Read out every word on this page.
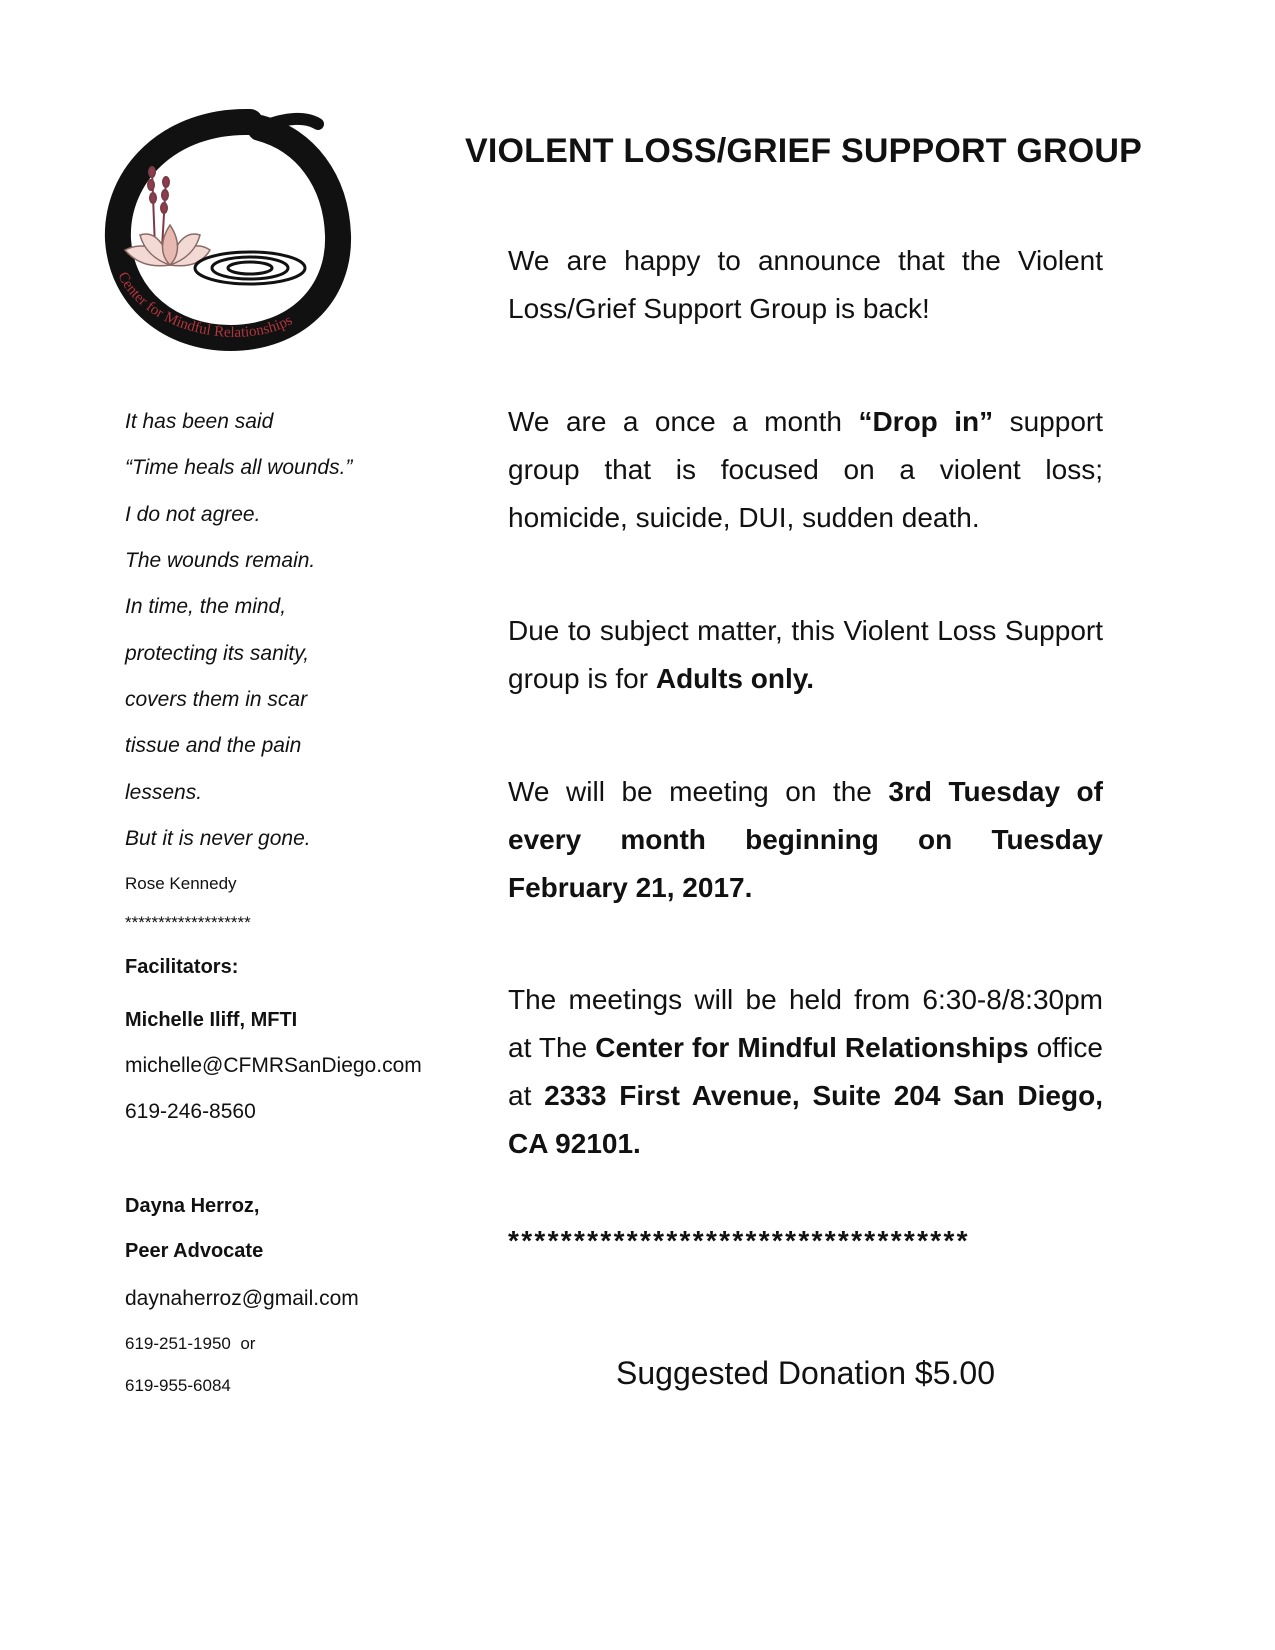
Center for Mindful Relationships
VIOLENT LOSS/GRIEF SUPPORT GROUP
It has been said
“Time heals all wounds.”
I do not agree.
The wounds remain.
In time, the mind,
protecting its sanity,
covers them in scar
tissue and the pain
lessens.
But it is never gone.
Rose Kennedy
*******************
Facilitators:
Michelle Iliff, MFTI
michelle@CFMRSanDiego.com
619-246-8560
Dayna Herroz,
Peer Advocate
daynaherroz@gmail.com
619-251-1950  or
619-955-6084
We are happy to announce that the Violent Loss/Grief Support Group is back!
We are a once a month “Drop in” support group that is focused on a violent loss; homicide, suicide, DUI, sudden death.
Due to subject matter, this Violent Loss Support group is for Adults only.
We will be meeting on the 3rd Tuesday of every month beginning on Tuesday February 21, 2017.
The meetings will be held from 6:30-8/8:30pm at The Center for Mindful Relationships office at 2333 First Avenue, Suite 204 San Diego, CA 92101.
***********************************
Suggested Donation $5.00
